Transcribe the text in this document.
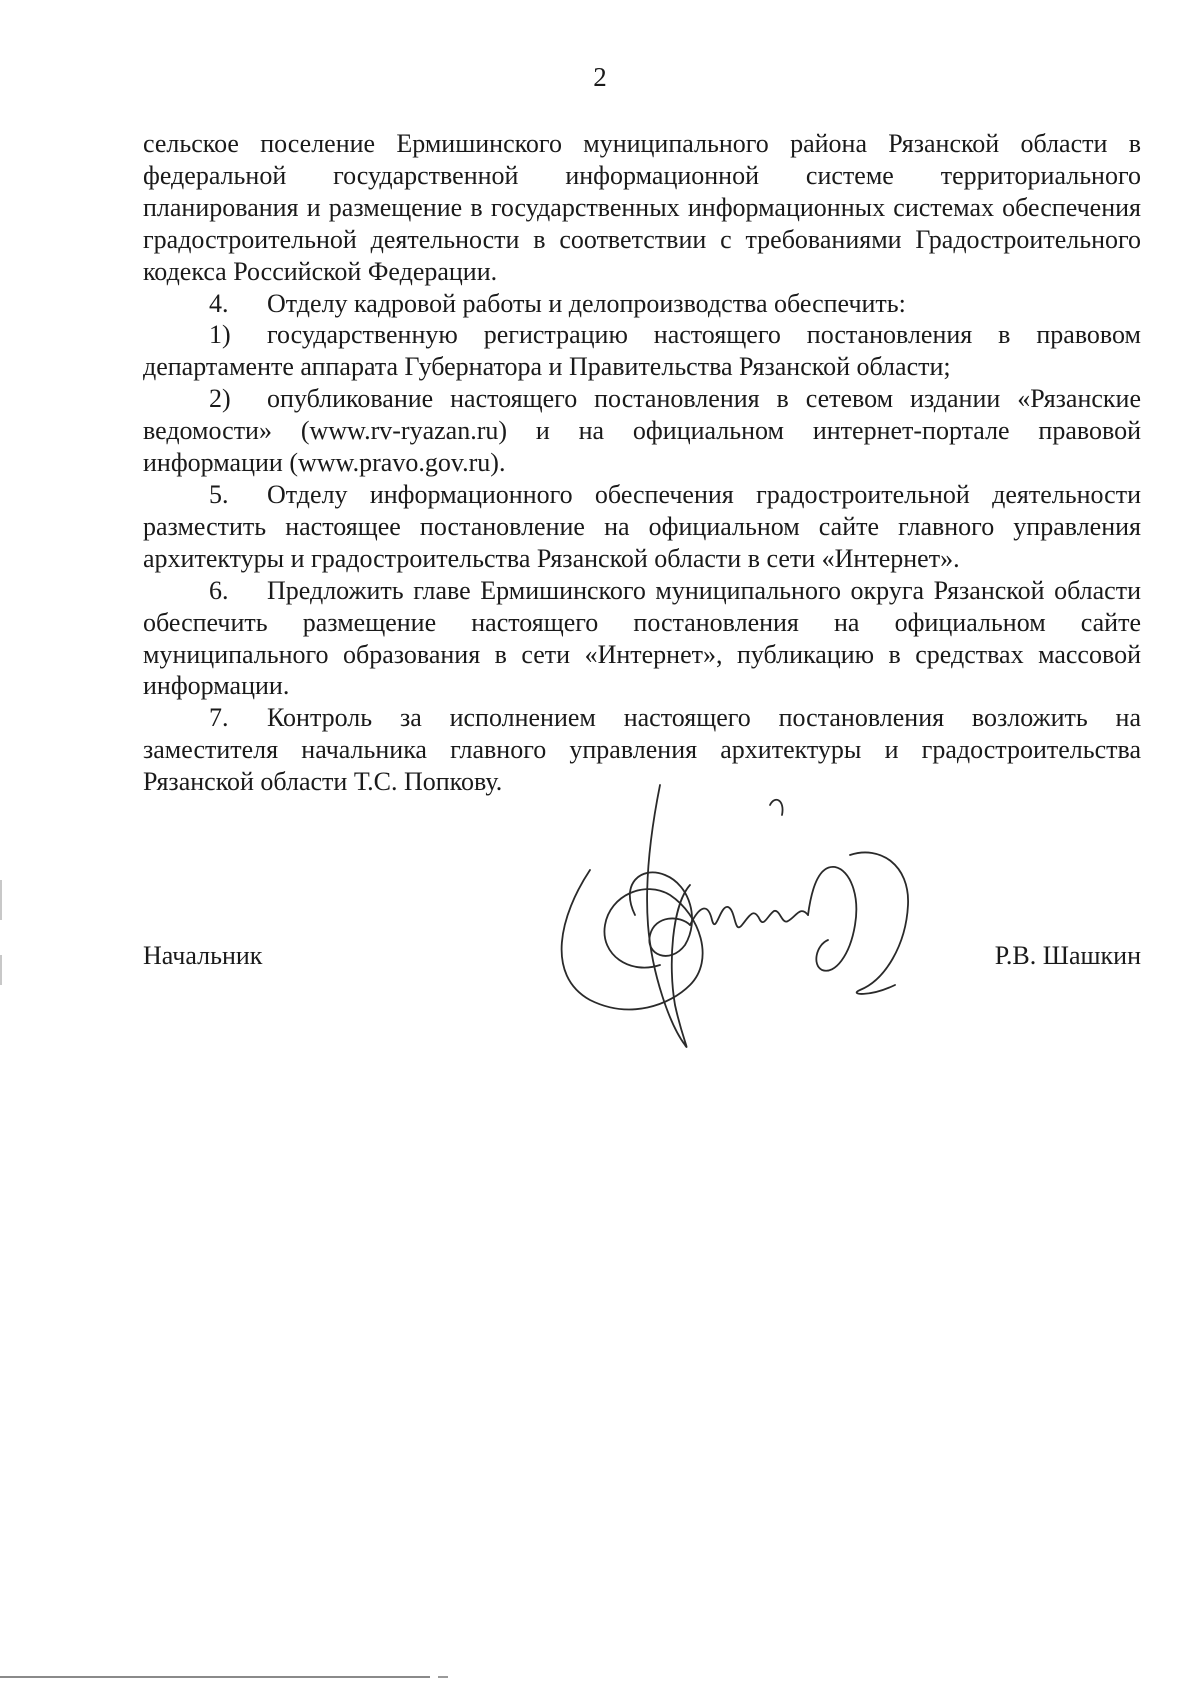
2

сельское поселение Ермишинского муниципального района Рязанской области в федеральной государственной информационной системе территориального планирования и размещение в государственных информационных системах обеспечения градостроительной деятельности в соответствии с требованиями Градостроительного кодекса Российской Федерации.

4. Отделу кадровой работы и делопроизводства обеспечить:

1) государственную регистрацию настоящего постановления в правовом департаменте аппарата Губернатора и Правительства Рязанской области;

2) опубликование настоящего постановления в сетевом издании «Рязанские ведомости» (www.rv-ryazan.ru) и на официальном интернет-портале правовой информации (www.pravo.gov.ru).

5. Отделу информационного обеспечения градостроительной деятельности разместить настоящее постановление на официальном сайте главного управления архитектуры и градостроительства Рязанской области в сети «Интернет».

6. Предложить главе Ермишинского муниципального округа Рязанской области обеспечить размещение настоящего постановления на официальном сайте муниципального образования в сети «Интернет», публикацию в средствах массовой информации.

7. Контроль за исполнением настоящего постановления возложить на заместителя начальника главного управления архитектуры и градостроительства Рязанской области Т.С. Попкову.

Начальник	Р.В. Шашкин
